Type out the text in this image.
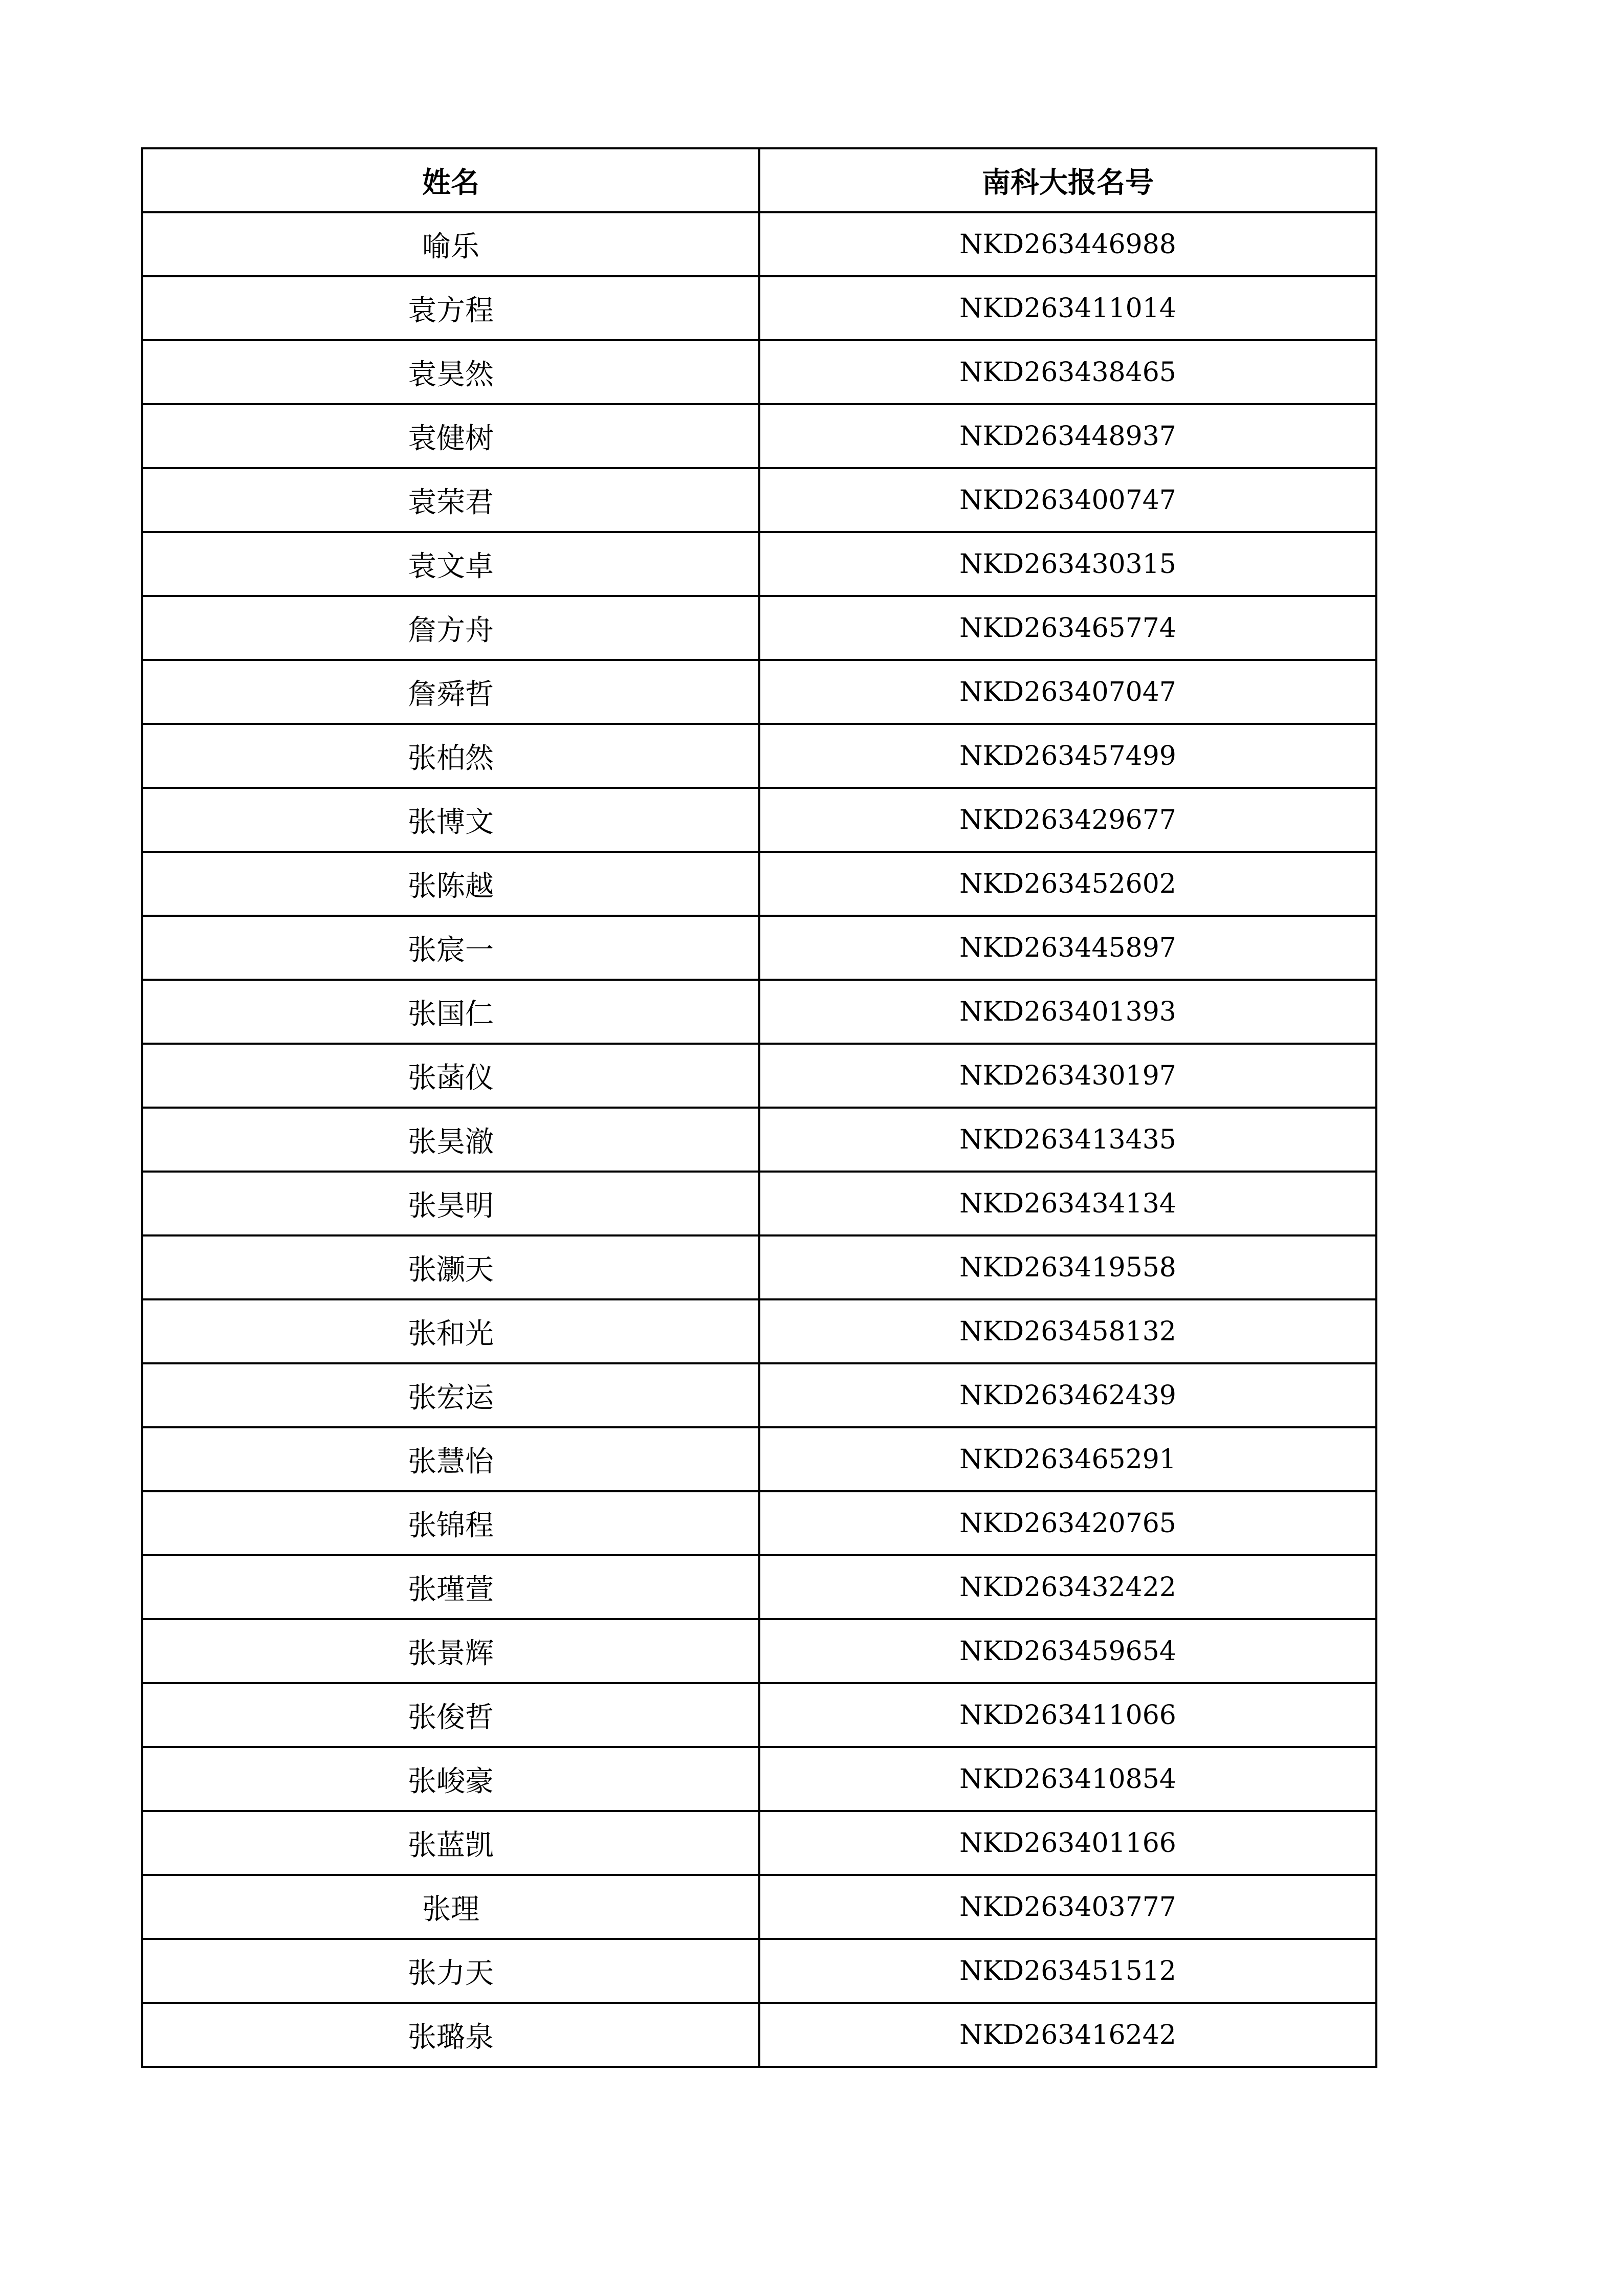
姓名	南科大报名号
喻乐	NKD263446988
袁方程	NKD263411014
袁昊然	NKD263438465
袁健树	NKD263448937
袁荣君	NKD263400747
袁文卓	NKD263430315
詹方舟	NKD263465774
詹舜哲	NKD263407047
张柏然	NKD263457499
张博文	NKD263429677
张陈越	NKD263452602
张宸一	NKD263445897
张国仁	NKD263401393
张菡仪	NKD263430197
张昊澈	NKD263413435
张昊明	NKD263434134
张灏天	NKD263419558
张和光	NKD263458132
张宏运	NKD263462439
张慧怡	NKD263465291
张锦程	NKD263420765
张瑾萱	NKD263432422
张景辉	NKD263459654
张俊哲	NKD263411066
张峻豪	NKD263410854
张蓝凯	NKD263401166
张理	NKD263403777
张力天	NKD263451512
张璐泉	NKD263416242
